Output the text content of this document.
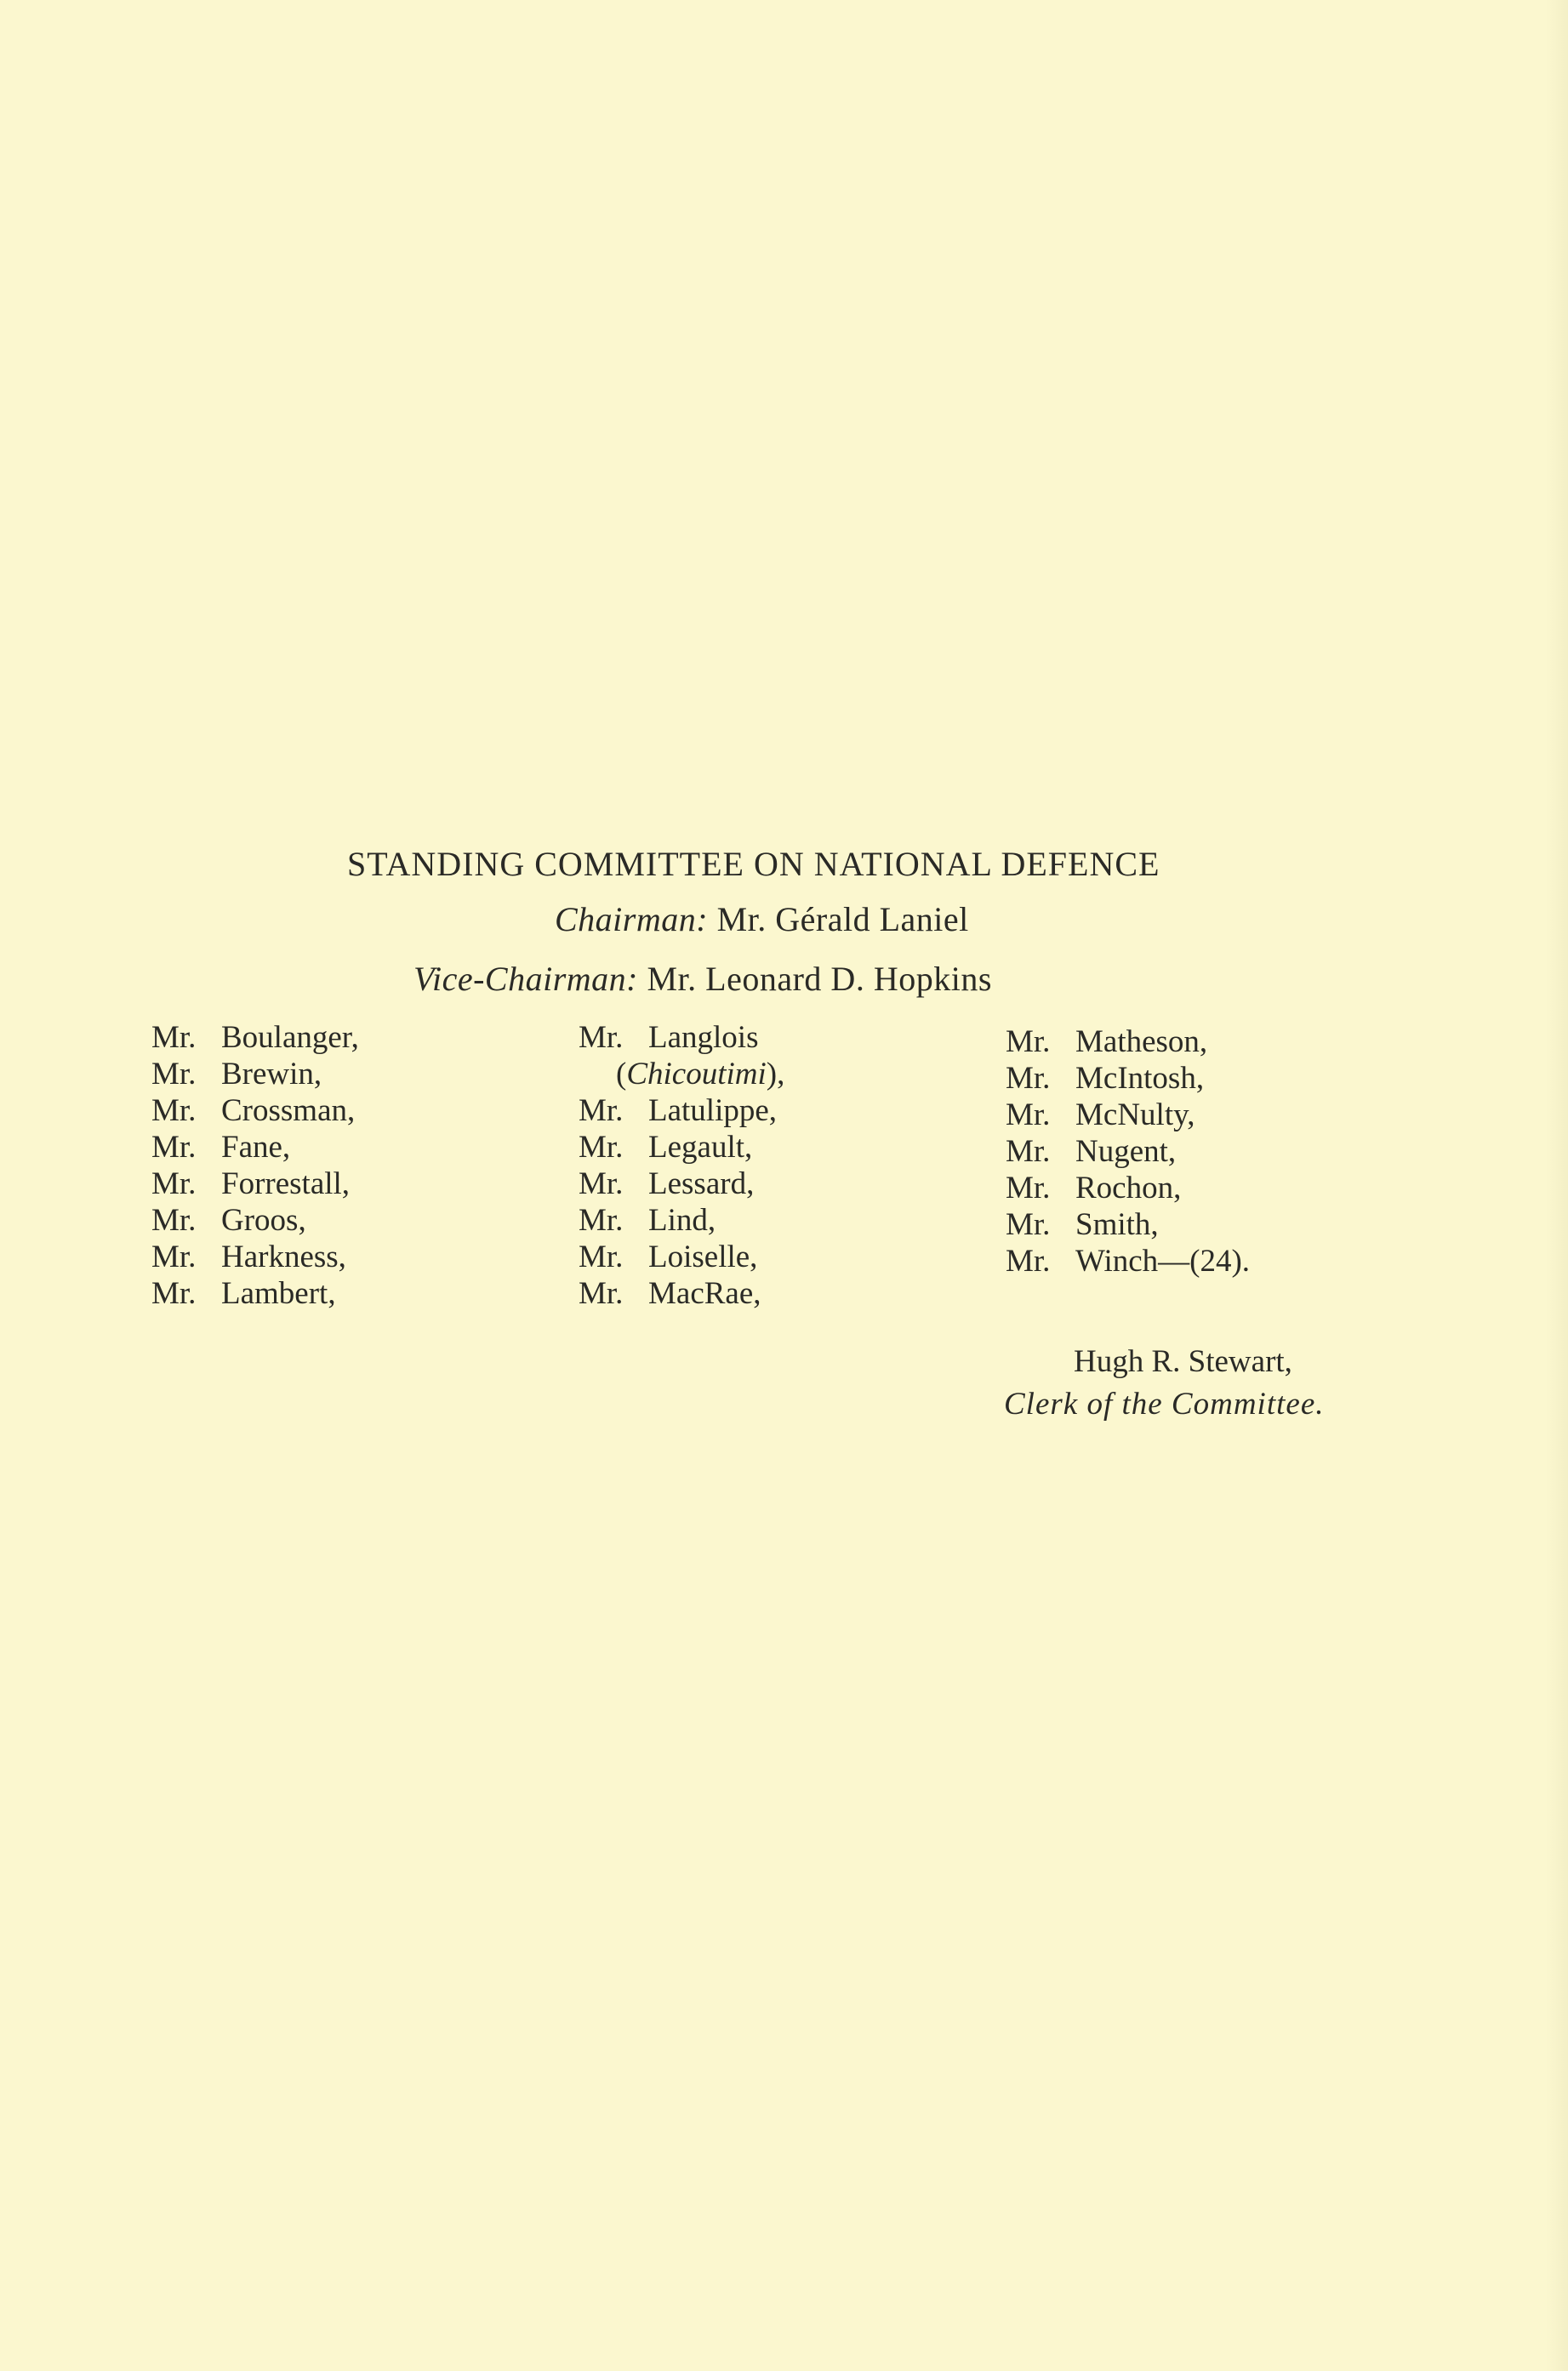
STANDING COMMITTEE ON NATIONAL DEFENCE
Chairman: Mr. Gérald Laniel
Vice-Chairman: Mr. Leonard D. Hopkins
Mr. Boulanger,
Mr. Brewin,
Mr. Crossman,
Mr. Fane,
Mr. Forrestall,
Mr. Groos,
Mr. Harkness,
Mr. Lambert,
Mr. Langlois
(Chicoutimi),
Mr. Latulippe,
Mr. Legault,
Mr. Lessard,
Mr. Lind,
Mr. Loiselle,
Mr. MacRae,
Mr. Matheson,
Mr. McIntosh,
Mr. McNulty,
Mr. Nugent,
Mr. Rochon,
Mr. Smith,
Mr. Winch—(24).
Hugh R. Stewart,
Clerk of the Committee.
